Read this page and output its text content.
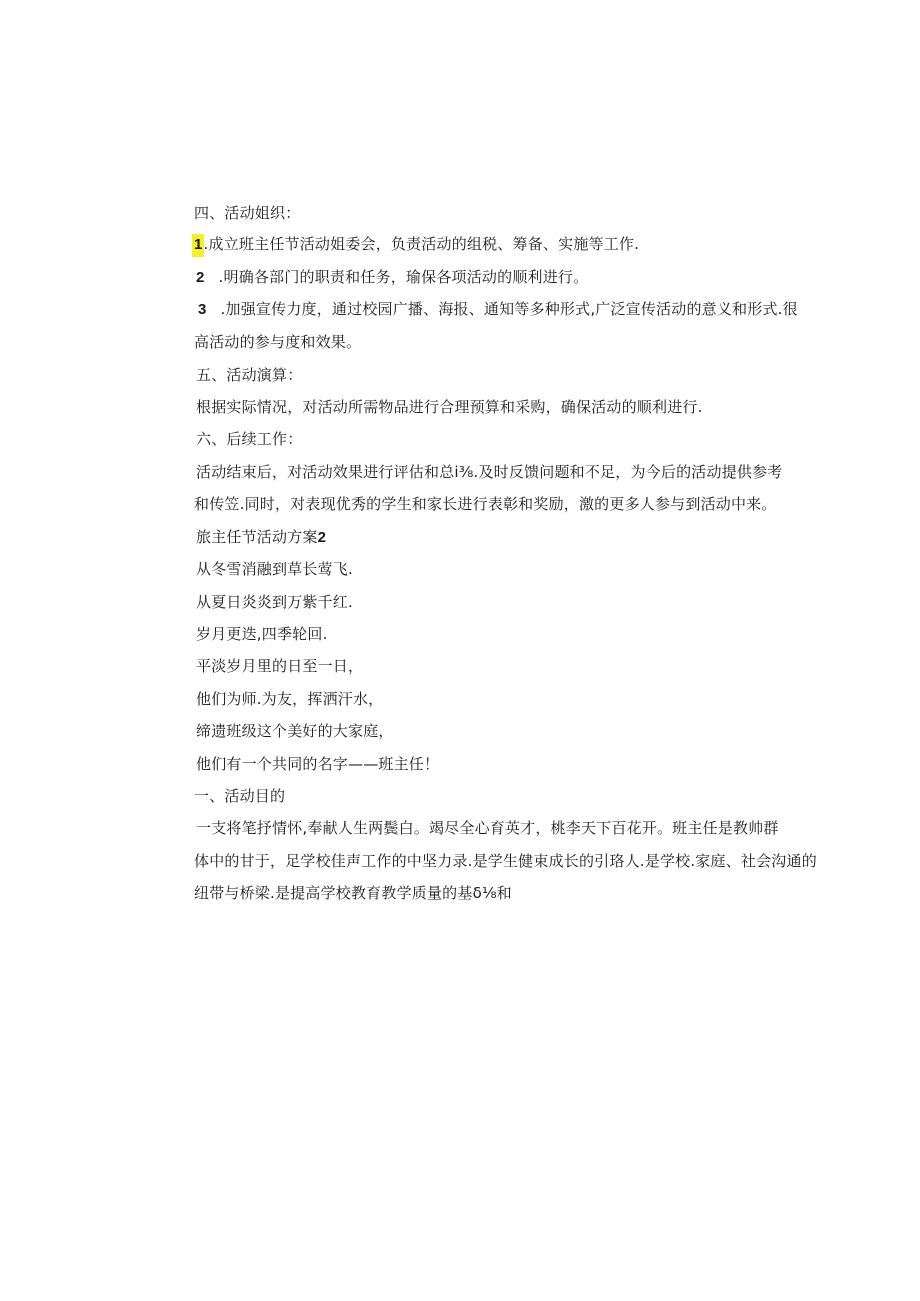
四、活动姐织：
1.成立班主任节活动姐委会，负责活动的组税、筹备、实施等工作.
2 .明确各部门的职责和任务，瑜保各项活动的顺利进行。
3 .加强宣传力度，通过校园广播、海报、通知等多种形式,广泛宣传活动的意义和形式.很
高活动的参与度和效果。
五、活动演算：
根据实际情况，对活动所需物品进行合理预算和采购，确保活动的顺利进行.
六、后续工作：
活动结束后，对活动效果进行评估和总i⅜.及时反馈问题和不足，为今后的活动提供参考
和传笠.同时，对表现优秀的学生和家长进行表彰和奖励，激的更多人参与到活动中来。
旅主任节活动方案2
从冬雪消融到草长莺飞.
从夏日炎炎到万紫千红.
岁月更迭,四季轮回.
平淡岁月里的日至一日，
他们为师.为友，挥洒汗水，
缔遗班级这个美好的大家庭，
他们有一个共同的名字——班主任！
一、活动目的
一支将笔抒情怀,奉献人生两鬓白。竭尽全心育英才，桃李天下百花开。班主任是教帅群
体中的甘于，足学校佳声工作的中坚力录.是学生健束成长的引珞人.是学校.家庭、社会沟通的
纽带与桥梁.是提高学校教育教学质量的基δ⅛和
